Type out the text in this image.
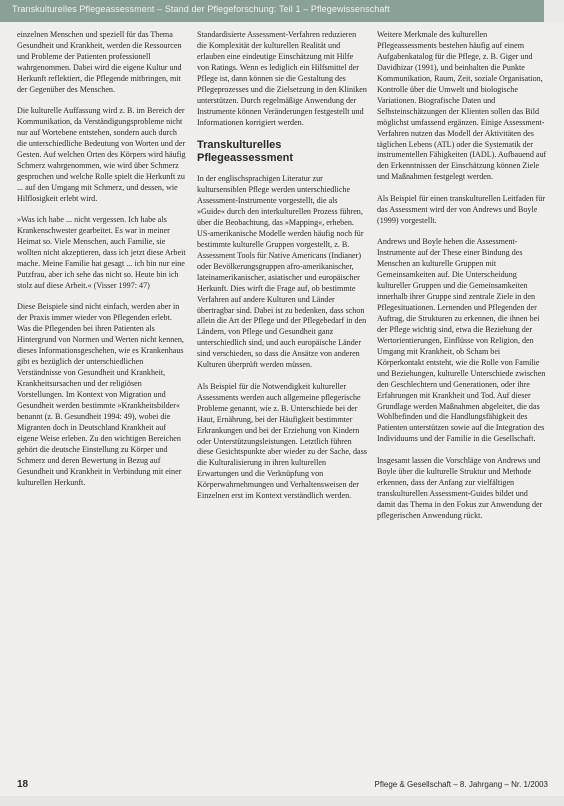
Transkulturelles Pflegeassessment – Stand der Pflegeforschung: Teil 1 – Pflegewissenschaft

einzelnen Menschen und speziell für das Thema Gesundheit und Krankheit, werden die Ressourcen und Probleme der Patienten professionell wahrgenommen. Dabei wird die eigene Kultur und Herkunft reflektiert, die Pflegende mitbringen, mit der Gegenüber des Menschen.

Die kulturelle Auffassung wird z. B. im Bereich der Kommunikation, da Verständigungsprobleme nicht nur auf Wortebene entstehen, sondern auch durch die unterschiedliche Bedeutung von Worten und der Gesten. Auf welchen Orten des Körpers wird häufig Schmerz wahrgenommen, wie wird über Schmerz gesprochen und welche Rolle spielt die Herkunft zu ... auf den Umgang mit Schmerz, und dessen, wie Hilflosigkeit erlebt wird.

»Was ich habe ... nicht vergessen. Ich habe als Krankenschwester gearbeitet. Es war in meiner Heimat so. Viele Menschen, auch Familie, sie wollten nicht akzeptieren, dass ich jetzt diese Arbeit mache. Meine Familie hat gesagt ... ich bin nur eine Putzfrau, aber ich sehe das nicht so. Heute bin ich stolz auf diese Arbeit.« (Visser 1997: 47)

Diese Beispiele sind nicht einfach, werden aber in der Praxis immer wieder von Pflegenden erlebt. Was die Pflegenden bei ihren Patienten als Hintergrund von Normen und Werten nicht kennen, dieses Informationsgeschehen, wie es Krankenhaus gibt es bezüglich der unterschiedlichen Verständnisse von Gesundheit und Krankheit, Krankheitsursachen und der religiösen Vorstellungen. Im Kontext von Migration und Gesundheit werden bestimmte »Krankheitsbilder« benannt (z. B. Gesundheit 1994: 49), wobei die Migranten doch in Deutschland Krankheit auf eigene Weise erleben. Zu den wichtigen Bereichen gehört die deutsche Einstellung zu Körper und Schmerz und deren Bewertung in Bezug auf Gesundheit und Krankheit in Verbindung mit einer kulturellen Herkunft.

Standardisierte Assessment-Verfahren reduzieren die Komplexität der kulturellen Realität und erlauben eine eindeutige Einschätzung mit Hilfe von Ratings. Wenn es lediglich ein Hilfsmittel der Pflege ist, dann können sie die Gestaltung des Pflegeprozesses und die Zielsetzung in den Kliniken unterstützen. Durch regelmäßige Anwendung der Instrumente können Veränderungen festgestellt und Informationen korrigiert werden.

Transkulturelles Pflegeassessment

In der englischsprachigen Literatur zur kultursensiblen Pflege werden unterschiedliche Assessment-Instrumente vorgestellt, die als »Guide« durch den interkulturellen Prozess führen, über die Beobachtung, das »Mapping«, erheben. US-amerikanische Modelle werden häufig noch für bestimmte kulturelle Gruppen vorgestellt, z. B. Assessment Tools für Native Americans (Indianer) oder Bevölkerungsgruppen afro-amerikanischer, lateinamerikanischer, asiatischer und europäischer Herkunft. Dies wirft die Frage auf, ob bestimmte Verfahren auf andere Kulturen und Länder übertragbar sind. Dabei ist zu bedenken, dass schon allein die Art der Pflege und der Pflegebedarf in den Ländern, von Pflege und Gesundheit ganz unterschiedlich sind, und auch europäische Länder sind verschieden, so dass die Ansätze von anderen Kulturen überprüft werden müssen.

Als Beispiel für die Notwendigkeit kultureller Assessments werden auch allgemeine pflegerische Probleme genannt, wie z. B. Unterschiede bei der Haut, Ernährung, bei der Häufigkeit bestimmter Erkrankungen und bei der Erziehung von Kindern oder Unterstützungsleistungen. Letztlich führen diese Gesichtspunkte aber wieder zu der Sache, dass die Kulturalisierung in ihren kulturellen Erwartungen und die Verknüpfung von Körperwahrnehmungen und Verhaltensweisen der Einzelnen erst im Kontext verständlich werden.

Weitere Merkmale des kulturellen Pflegeassessments bestehen häufig auf einem Aufgabenkatalog für die Pflege, z. B. Giger und Davidhizar (1991), und beinhalten die Punkte Kommunikation, Raum, Zeit, soziale Organisation, Kontrolle über die Umwelt und biologische Variationen. Biografische Daten und Selbsteinschätzungen der Klienten sollen das Bild möglichst umfassend ergänzen. Einige Assessment-Verfahren nutzen das Modell der Aktivitäten des täglichen Lebens (ATL) oder die Systematik der instrumentellen Fähigkeiten (IADL). Aufbauend auf den Erkenntnissen der Einschätzung können Ziele und Maßnahmen festgelegt werden.

Als Beispiel für einen transkulturellen Leitfaden für das Assessment wird der von Andrews und Boyle (1999) vorgestellt.

Andrews und Boyle heben die Assessment-Instrumente auf der These einer Bindung des Menschen an kulturelle Gruppen mit Gemeinsamkeiten auf. Die Unterscheidung kultureller Gruppen und die Gemeinsamkeiten innerhalb ihrer Gruppe sind zentrale Ziele in den Pflegesituationen. Lernenden und Pflegenden der Auftrag, die Strukturen zu erkennen, die ihnen bei der Pflege wichtig sind, etwa die Beziehung der Wertorientierungen, Einflüsse von Religion, den Umgang mit Krankheit, ob Scham bei Körperkontakt entsteht, wie die Rolle von Familie und Beziehungen, kulturelle Unterschiede zwischen den Geschlechtern und Generationen, oder ihre Erfahrungen mit Krankheit und Tod. Auf dieser Grundlage werden Maßnahmen abgeleitet, die das Wohlbefinden und die Handlungsfähigkeit des Patienten unterstützen sowie auf die Integration des Individuums und der Familie in die Gesellschaft.

Insgesamt lassen die Vorschläge von Andrews und Boyle über die kulturelle Struktur und Methode erkennen, dass der Anfang zur vielfältigen transkulturellen Assessment-Guides bildet und damit das Thema in den Fokus zur Anwendung der pflegerischen Anwendung rückt.

18	Pflege & Gesellschaft – 8. Jahrgang – Nr. 1/2003
